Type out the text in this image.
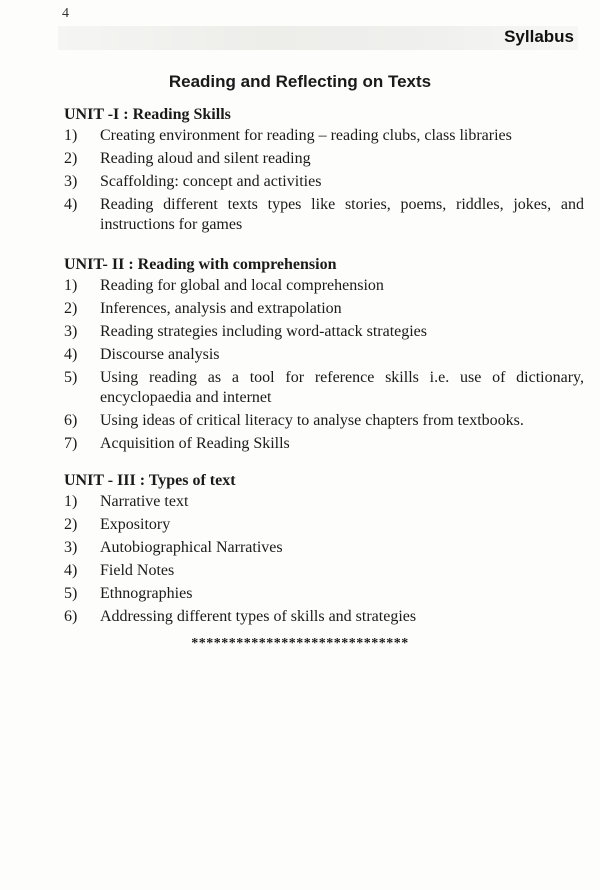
4
Syllabus
Reading and Reflecting on Texts
UNIT -I : Reading Skills
1)	Creating environment for reading – reading clubs, class libraries
2)	Reading aloud and silent reading
3)	Scaffolding: concept and activities
4)	Reading different texts types like stories, poems, riddles, jokes, and instructions for games
UNIT- II : Reading with comprehension
1)	Reading for global and local comprehension
2)	Inferences, analysis and extrapolation
3)	Reading strategies including word-attack strategies
4)	Discourse analysis
5)	Using reading as a tool for reference skills i.e. use of dictionary, encyclopaedia and internet
6)	Using ideas of critical literacy to analyse chapters from textbooks.
7)	Acquisition of Reading Skills
UNIT - III : Types of text
1)	Narrative text
2)	Expository
3)	Autobiographical Narratives
4)	Field Notes
5)	Ethnographies
6)	Addressing different types of skills and strategies
*****************************
